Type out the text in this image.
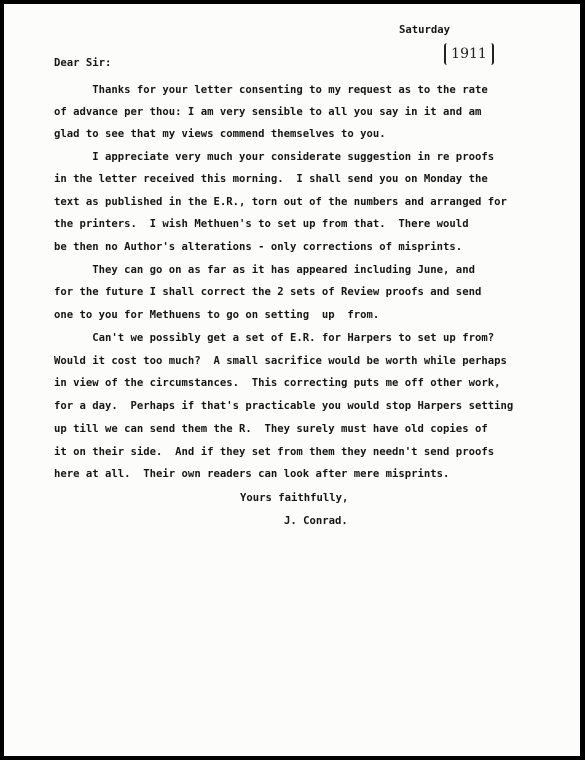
Saturday
1911
Dear Sir:
Thanks for your letter consenting to my request as to the rate
of advance per thou: I am very sensible to all you say in it and am
glad to see that my views commend themselves to you.
I appreciate very much your considerate suggestion in re proofs
in the letter received this morning.  I shall send you on Monday the
text as published in the E.R., torn out of the numbers and arranged for
the printers.  I wish Methuen's to set up from that.  There would
be then no Author's alterations - only corrections of misprints.
They can go on as far as it has appeared including June, and
for the future I shall correct the 2 sets of Review proofs and send
one to you for Methuens to go on setting  up  from.
Can't we possibly get a set of E.R. for Harpers to set up from?
Would it cost too much?  A small sacrifice would be worth while perhaps
in view of the circumstances.  This correcting puts me off other work,
for a day.  Perhaps if that's practicable you would stop Harpers setting
up till we can send them the R.  They surely must have old copies of
it on their side.  And if they set from them they needn't send proofs
here at all.  Their own readers can look after mere misprints.
Yours faithfully,
J. Conrad.
